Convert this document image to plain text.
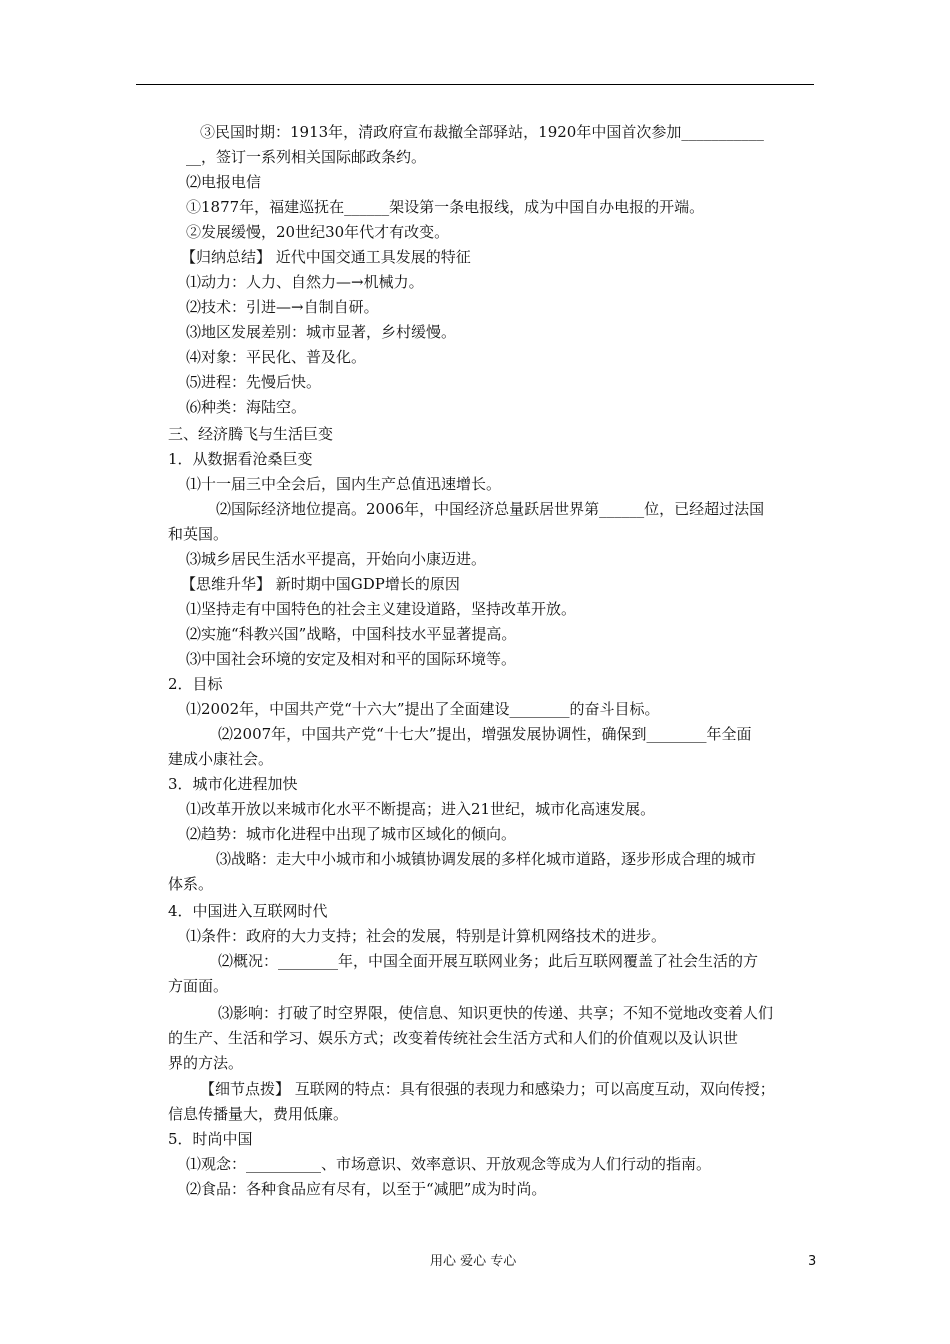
③民国时期：1913年，清政府宣布裁撤全部驿站，1920年中国首次参加___________
__，签订一系列相关国际邮政条约。
⑵电报电信
①1877年，福建巡抚在______架设第一条电报线，成为中国自办电报的开端。
②发展缓慢，20世纪30年代才有改变。
【归纳总结】 近代中国交通工具发展的特征
⑴动力：人力、自然力—→机械力。
⑵技术：引进—→自制自研。
⑶地区发展差别：城市显著，乡村缓慢。
⑷对象：平民化、普及化。
⑸进程：先慢后快。
⑹种类：海陆空。
三、经济腾飞与生活巨变
1．从数据看沧桑巨变
⑴十一届三中全会后，国内生产总值迅速增长。
⑵国际经济地位提高。2006年，中国经济总量跃居世界第______位，已经超过法国
和英国。
⑶城乡居民生活水平提高，开始向小康迈进。
【思维升华】 新时期中国GDP增长的原因
⑴坚持走有中国特色的社会主义建设道路，坚持改革开放。
⑵实施“科教兴国”战略，中国科技水平显著提高。
⑶中国社会环境的安定及相对和平的国际环境等。
2．目标
⑴2002年，中国共产党“十六大”提出了全面建设________的奋斗目标。
⑵2007年，中国共产党“十七大”提出，增强发展协调性，确保到________年全面
建成小康社会。
3．城市化进程加快
⑴改革开放以来城市化水平不断提高；进入21世纪，城市化高速发展。
⑵趋势：城市化进程中出现了城市区域化的倾向。
⑶战略：走大中小城市和小城镇协调发展的多样化城市道路，逐步形成合理的城市
体系。
4．中国进入互联网时代
⑴条件：政府的大力支持；社会的发展，特别是计算机网络技术的进步。
⑵概况：________年，中国全面开展互联网业务；此后互联网覆盖了社会生活的方
方面面。
⑶影响：打破了时空界限，使信息、知识更快的传递、共享；不知不觉地改变着人们
的生产、生活和学习、娱乐方式；改变着传统社会生活方式和人们的价值观以及认识世
界的方法。
【细节点拨】 互联网的特点：具有很强的表现力和感染力；可以高度互动，双向传授；
信息传播量大，费用低廉。
5．时尚中国
⑴观念：__________、市场意识、效率意识、开放观念等成为人们行动的指南。
⑵食品：各种食品应有尽有，以至于“减肥”成为时尚。
用心 爱心 专心	3
